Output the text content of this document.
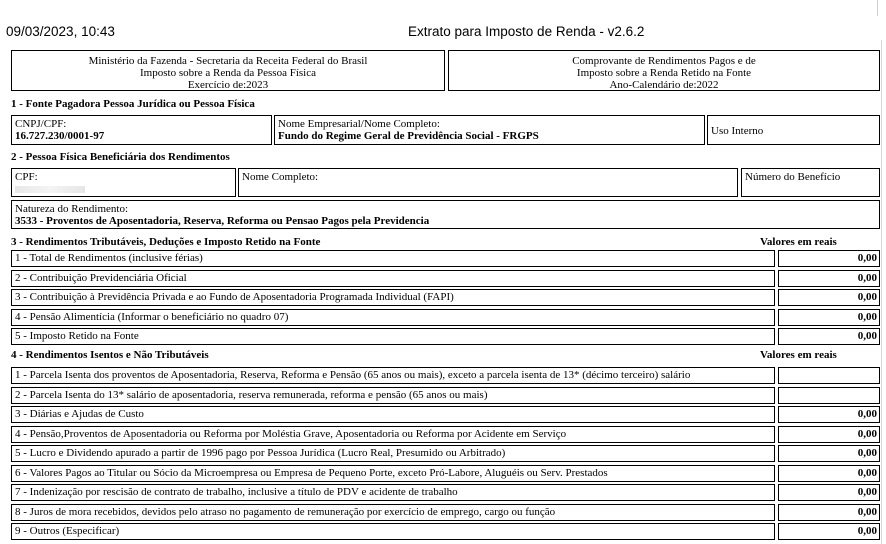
09/03/2023, 10:43	Extrato para Imposto de Renda - v2.6.2
Ministério da Fazenda - Secretaria da Receita Federal do Brasil
Imposto sobre a Renda da Pessoa Física
Exercício de:2023
Comprovante de Rendimentos Pagos e de
Imposto sobre a Renda Retido na Fonte
Ano-Calendário de:2022
1 - Fonte Pagadora Pessoa Jurídica ou Pessoa Física
CNPJ/CPF:
16.727.230/0001-97
Nome Empresarial/Nome Completo:
Fundo do Regime Geral de Previdência Social - FRGPS	Uso Interno
2 - Pessoa Física Beneficiária dos Rendimentos
CPF:	Nome Completo:	Número do Benefício
Natureza do Rendimento:
3533 - Proventos de Aposentadoria, Reserva, Reforma ou Pensao Pagos pela Previdencia
3 - Rendimentos Tributáveis, Deduções e Imposto Retido na Fonte	Valores em reais
1 - Total de Rendimentos (inclusive férias)	0,00
2 - Contribuição Previdenciária Oficial	0,00
3 - Contribuição à Previdência Privada e ao Fundo de Aposentadoria Programada Individual (FAPI)	0,00
4 - Pensão Alimentícia (Informar o beneficiário no quadro 07)	0,00
5 - Imposto Retido na Fonte	0,00
4 - Rendimentos Isentos e Não Tributáveis	Valores em reais
1 - Parcela Isenta dos proventos de Aposentadoria, Reserva, Reforma e Pensão (65 anos ou mais), exceto a parcela isenta de 13* (décimo terceiro) salário
2 - Parcela Isenta do 13* salário de aposentadoria, reserva remunerada, reforma e pensão (65 anos ou mais)
3 - Diárias e Ajudas de Custo	0,00
4 - Pensão,Proventos de Aposentadoria ou Reforma por Moléstia Grave, Aposentadoria ou Reforma por Acidente em Serviço	0,00
5 - Lucro e Dividendo apurado a partir de 1996 pago por Pessoa Jurídica (Lucro Real, Presumido ou Arbitrado)	0,00
6 - Valores Pagos ao Titular ou Sócio da Microempresa ou Empresa de Pequeno Porte, exceto Pró-Labore, Aluguéis ou Serv. Prestados	0,00
7 - Indenização por rescisão de contrato de trabalho, inclusive a título de PDV e acidente de trabalho	0,00
8 - Juros de mora recebidos, devidos pelo atraso no pagamento de remuneração por exercício de emprego, cargo ou função	0,00
9 - Outros (Especificar)	0,00
